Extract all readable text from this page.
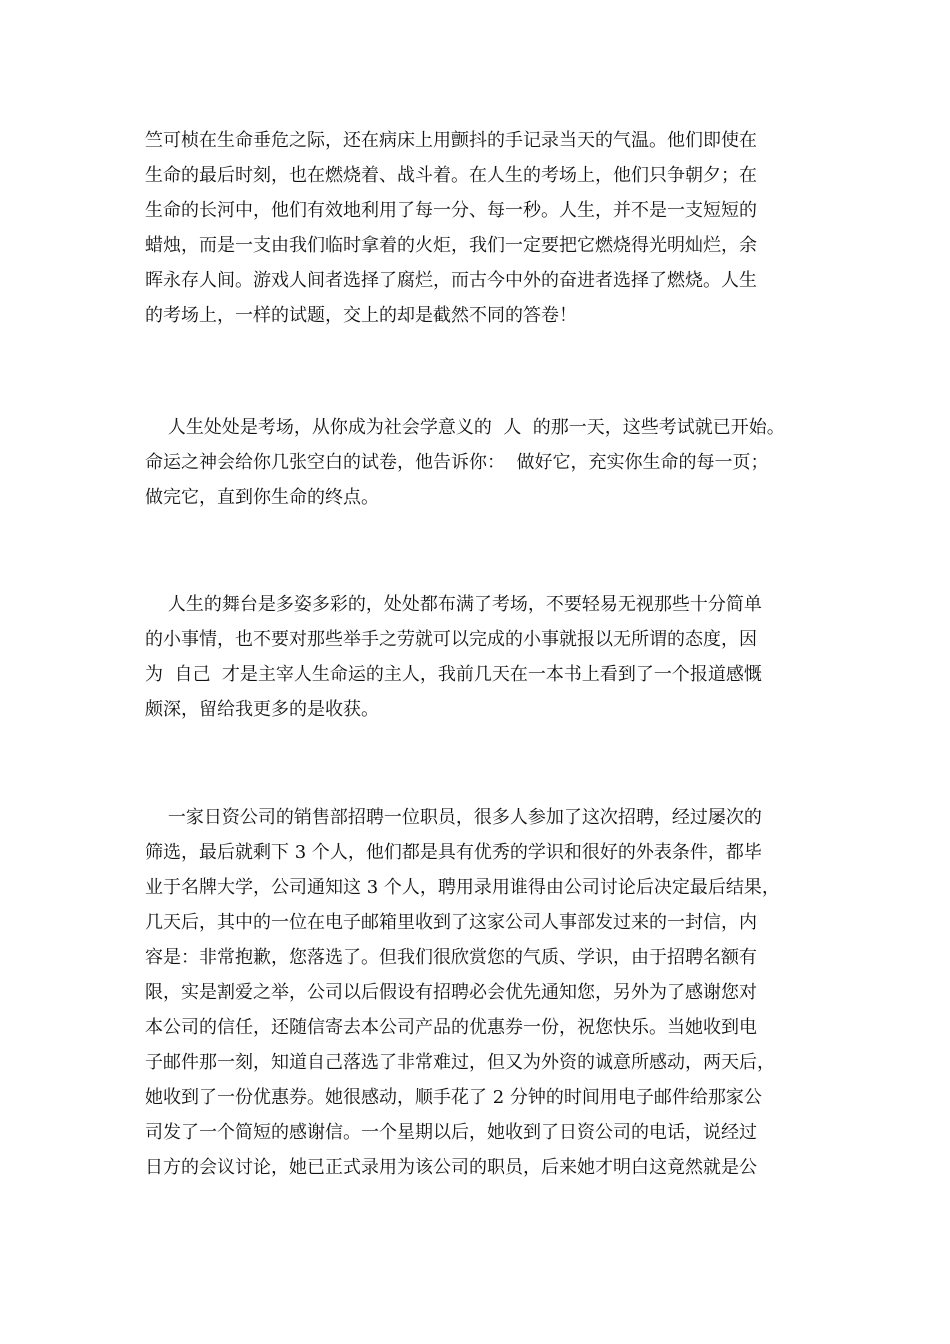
竺可桢在生命垂危之际，还在病床上用颤抖的手记录当天的气温。他们即使在
生命的最后时刻，也在燃烧着、战斗着。在人生的考场上，他们只争朝夕；在
生命的长河中，他们有效地利用了每一分、每一秒。人生，并不是一支短短的
蜡烛，而是一支由我们临时拿着的火炬，我们一定要把它燃烧得光明灿烂，余
晖永存人间。游戏人间者选择了腐烂，而古今中外的奋进者选择了燃烧。人生
的考场上，一样的试题，交上的却是截然不同的答卷！
人生处处是考场，从你成为社会学意义的  人  的那一天，这些考试就已开始。
命运之神会给你几张空白的试卷，他告诉你：  做好它，充实你生命的每一页；
做完它，直到你生命的终点。
人生的舞台是多姿多彩的，处处都布满了考场，不要轻易无视那些十分简单
的小事情，也不要对那些举手之劳就可以完成的小事就报以无所谓的态度，因
为  自己  才是主宰人生命运的主人，我前几天在一本书上看到了一个报道感慨
颇深，留给我更多的是收获。
一家日资公司的销售部招聘一位职员，很多人参加了这次招聘，经过屡次的
筛选，最后就剩下 3 个人，他们都是具有优秀的学识和很好的外表条件，都毕
业于名牌大学，公司通知这 3 个人，聘用录用谁得由公司讨论后决定最后结果，
几天后，其中的一位在电子邮箱里收到了这家公司人事部发过来的一封信，内
容是：非常抱歉，您落选了。但我们很欣赏您的气质、学识，由于招聘名额有
限，实是割爱之举，公司以后假设有招聘必会优先通知您，另外为了感谢您对
本公司的信任，还随信寄去本公司产品的优惠券一份，祝您快乐。当她收到电
子邮件那一刻，知道自己落选了非常难过，但又为外资的诚意所感动，两天后，
她收到了一份优惠券。她很感动，顺手花了 2 分钟的时间用电子邮件给那家公
司发了一个简短的感谢信。一个星期以后，她收到了日资公司的电话，说经过
日方的会议讨论，她已正式录用为该公司的职员，后来她才明白这竟然就是公
